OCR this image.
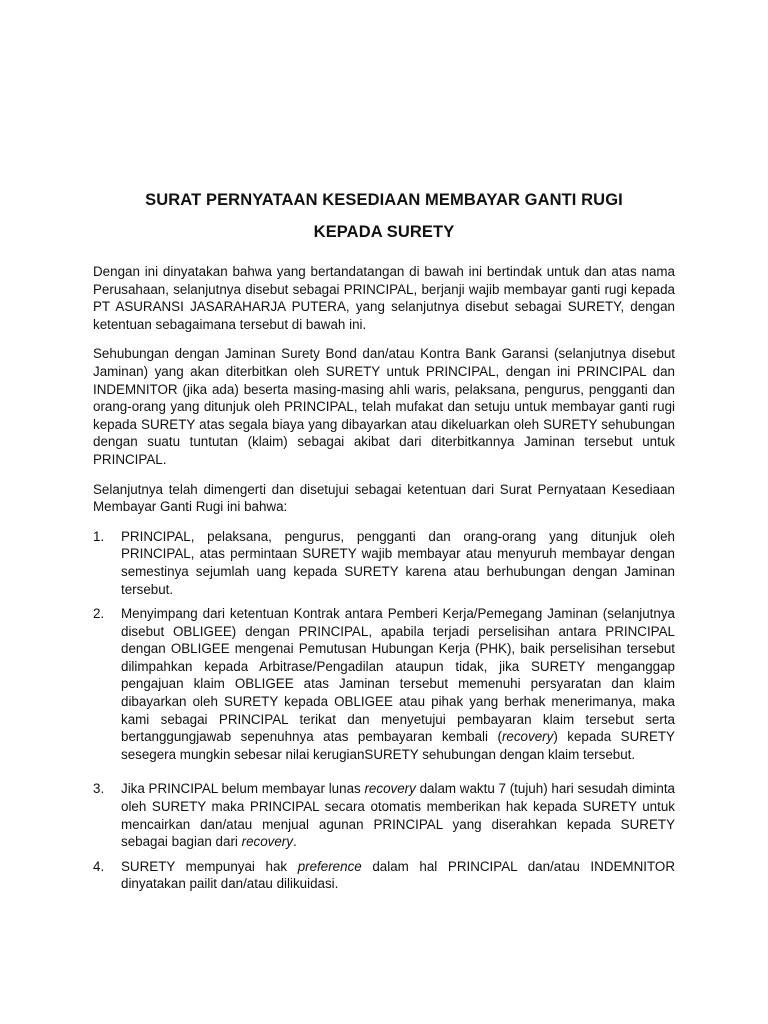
SURAT PERNYATAAN KESEDIAAN MEMBAYAR GANTI RUGI

KEPADA SURETY

Dengan ini dinyatakan bahwa yang bertandatangan di bawah ini bertindak untuk dan atas nama Perusahaan, selanjutnya disebut sebagai PRINCIPAL, berjanji wajib membayar ganti rugi kepada PT ASURANSI JASARAHARJA PUTERA, yang selanjutnya disebut sebagai SURETY, dengan ketentuan sebagaimana tersebut di bawah ini.

Sehubungan dengan Jaminan Surety Bond dan/atau Kontra Bank Garansi (selanjutnya disebut Jaminan) yang akan diterbitkan oleh SURETY untuk PRINCIPAL, dengan ini PRINCIPAL dan INDEMNITOR (jika ada) beserta masing-masing ahli waris, pelaksana, pengurus, pengganti dan orang-orang yang ditunjuk oleh PRINCIPAL, telah mufakat dan setuju untuk membayar ganti rugi kepada SURETY atas segala biaya yang dibayarkan atau dikeluarkan oleh SURETY sehubungan dengan suatu tuntutan (klaim) sebagai akibat dari diterbitkannya Jaminan tersebut untuk PRINCIPAL.

Selanjutnya telah dimengerti dan disetujui sebagai ketentuan dari Surat Pernyataan Kesediaan Membayar Ganti Rugi ini bahwa:

1.	PRINCIPAL, pelaksana, pengurus, pengganti dan orang-orang yang ditunjuk oleh PRINCIPAL, atas permintaan SURETY wajib membayar atau menyuruh membayar dengan semestinya sejumlah uang kepada SURETY karena atau berhubungan dengan Jaminan tersebut.
2.	Menyimpang dari ketentuan Kontrak antara Pemberi Kerja/Pemegang Jaminan (selanjutnya disebut OBLIGEE) dengan PRINCIPAL, apabila terjadi perselisihan antara PRINCIPAL dengan OBLIGEE mengenai Pemutusan Hubungan Kerja (PHK), baik perselisihan tersebut dilimpahkan kepada Arbitrase/Pengadilan ataupun tidak, jika SURETY menganggap pengajuan klaim OBLIGEE atas Jaminan tersebut memenuhi persyaratan dan klaim dibayarkan oleh SURETY kepada OBLIGEE atau pihak yang berhak menerimanya, maka kami sebagai PRINCIPAL terikat dan menyetujui pembayaran klaim tersebut serta bertanggungjawab sepenuhnya atas pembayaran kembali (recovery) kepada SURETY sesegera mungkin sebesar nilai kerugianSURETY sehubungan dengan klaim tersebut.
3.	Jika PRINCIPAL belum membayar lunas recovery dalam waktu 7 (tujuh) hari sesudah diminta oleh SURETY maka PRINCIPAL secara otomatis memberikan hak kepada SURETY untuk mencairkan dan/atau menjual agunan PRINCIPAL yang diserahkan kepada SURETY sebagai bagian dari recovery.
4.	SURETY mempunyai hak preference dalam hal PRINCIPAL dan/atau INDEMNITOR dinyatakan pailit dan/atau dilikuidasi.
